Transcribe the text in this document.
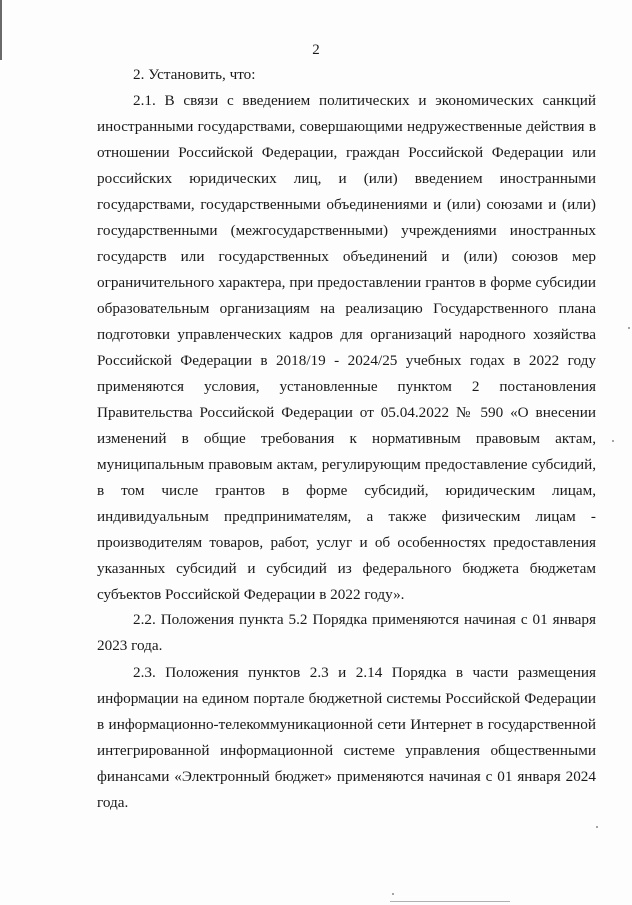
2
2. Установить, что:
2.1. В связи с введением политических и экономических санкций
иностранными государствами, совершающими недружественные действия в
отношении Российской Федерации, граждан Российской Федерации или
российских юридических лиц, и (или) введением иностранными
государствами, государственными объединениями и (или) союзами и (или)
государственными (межгосударственными) учреждениями иностранных
государств или государственных объединений и (или) союзов мер
ограничительного характера, при предоставлении грантов в форме субсидии
образовательным организациям на реализацию Государственного плана
подготовки управленческих кадров для организаций народного хозяйства
Российской Федерации в 2018/19 - 2024/25 учебных годах в 2022 году
применяются условия, установленные пунктом 2 постановления
Правительства Российской Федерации от 05.04.2022 № 590 «О внесении
изменений в общие требования к нормативным правовым актам,
муниципальным правовым актам, регулирующим предоставление субсидий,
в том числе грантов в форме субсидий, юридическим лицам,
индивидуальным предпринимателям, а также физическим лицам -
производителям товаров, работ, услуг и об особенностях предоставления
указанных субсидий и субсидий из федерального бюджета бюджетам
субъектов Российской Федерации в 2022 году».
2.2. Положения пункта 5.2 Порядка применяются начиная с 01 января
2023 года.
2.3. Положения пунктов 2.3 и 2.14 Порядка в части размещения
информации на едином портале бюджетной системы Российской Федерации
в информационно-телекоммуникационной сети Интернет в государственной
интегрированной информационной системе управления общественными
финансами «Электронный бюджет» применяются начиная с 01 января 2024
года.
